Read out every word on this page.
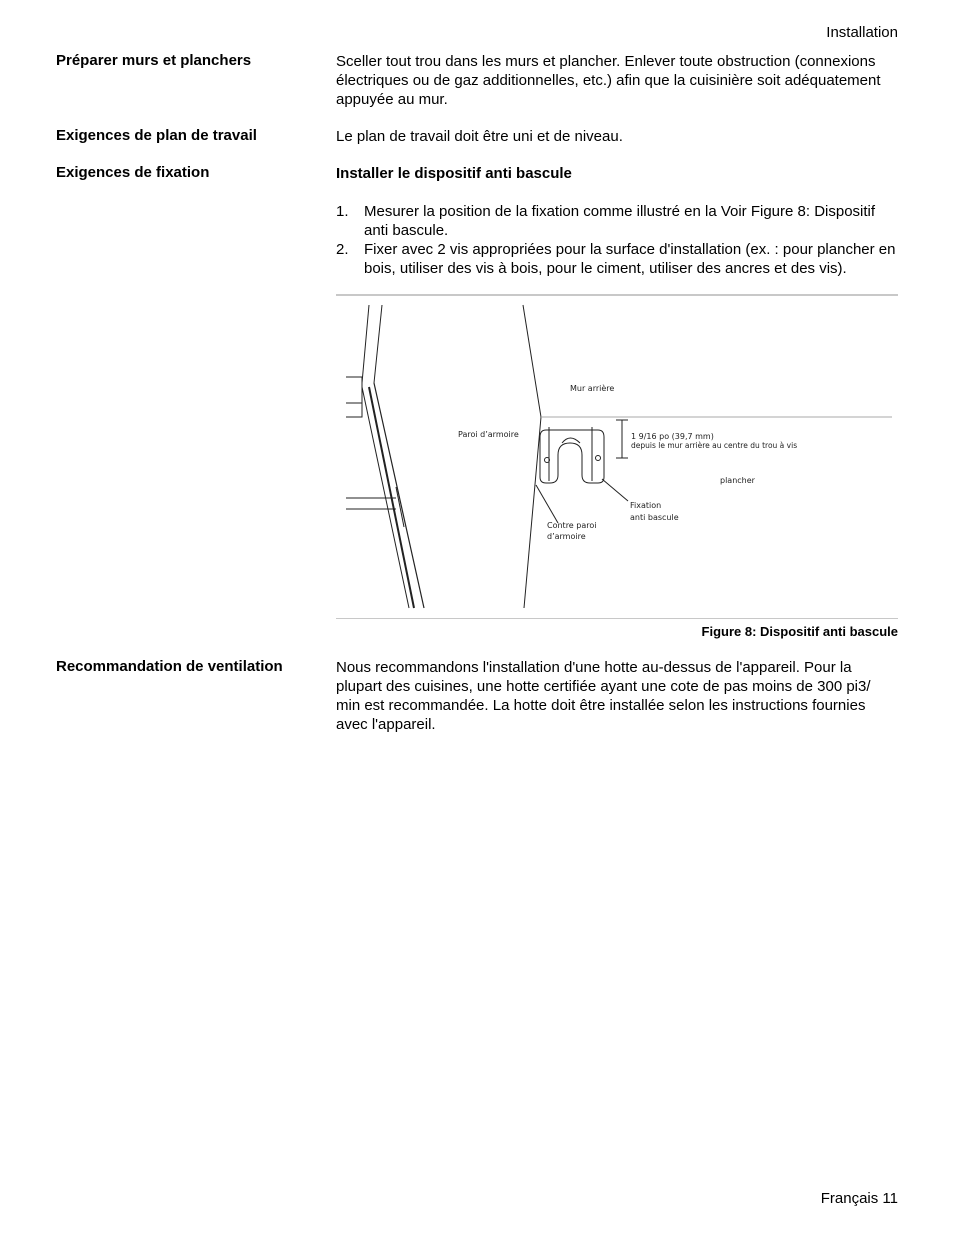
Installation
Préparer murs et planchers	Sceller tout trou dans les murs et plancher. Enlever toute obstruction (connexions électriques ou de gaz additionnelles, etc.) afin que la cuisinière soit adéquatement appuyée au mur.
Exigences de plan de travail	Le plan de travail doit être uni et de niveau.
Exigences de fixation	Installer le dispositif anti bascule
1. Mesurer la position de la fixation comme illustré en la Voir Figure 8: Dispositif anti bascule.
2. Fixer avec 2 vis appropriées pour la surface d'installation (ex. : pour plancher en bois, utiliser des vis à bois, pour le ciment, utiliser des ancres et des vis).
Mur arrière
Paroi d’armoire	1 9/16 po (39,7 mm)
depuis le mur arrière au centre du trou à vis
plancher
Fixation
anti bascule
Contre paroi
d’armoire
Figure 8: Dispositif anti bascule
Recommandation de ventilation	Nous recommandons l'installation d'une hotte au-dessus de l'appareil. Pour la plupart des cuisines, une hotte certifiée ayant une cote de pas moins de 300 pi3/ min est recommandée. La hotte doit être installée selon les instructions fournies avec l'appareil.
Français 11
